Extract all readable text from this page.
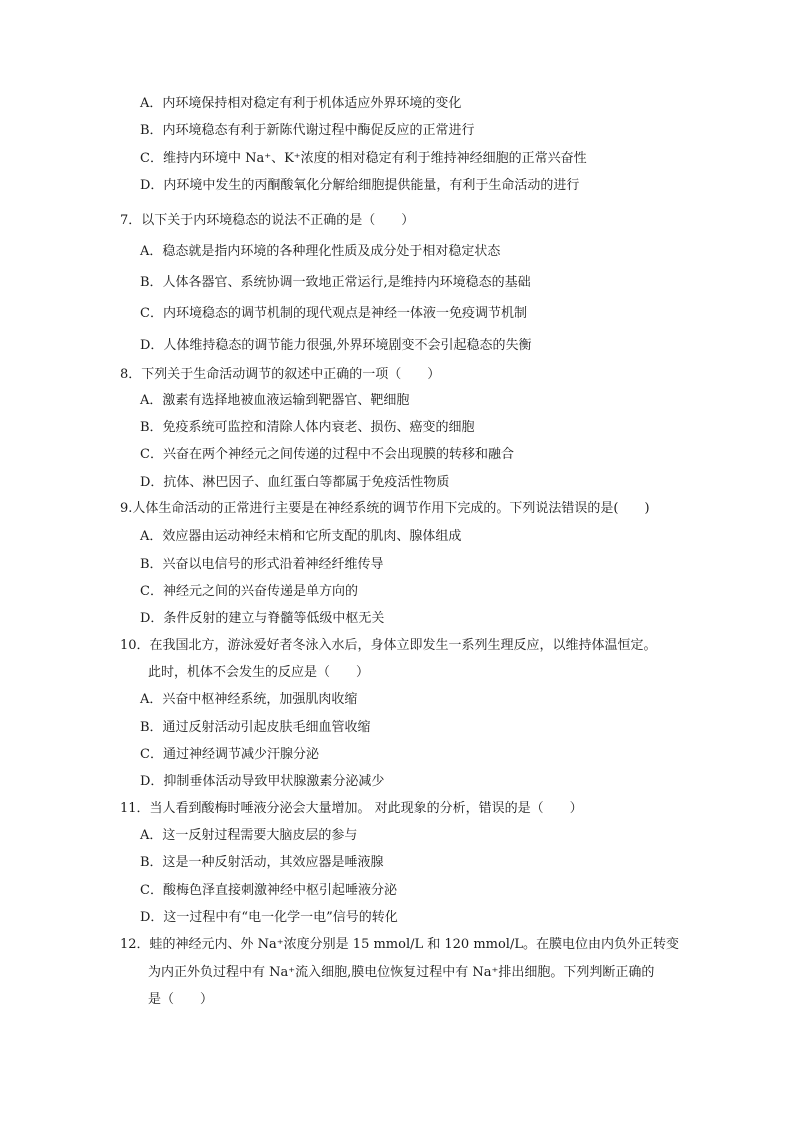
A．内环境保持相对稳定有利于机体适应外界环境的变化
B．内环境稳态有利于新陈代谢过程中酶促反应的正常进行
C．维持内环境中 Na⁺、K⁺浓度的相对稳定有利于维持神经细胞的正常兴奋性
D．内环境中发生的丙酮酸氧化分解给细胞提供能量，有利于生命活动的进行
7．以下关于内环境稳态的说法不正确的是（　　）
A．稳态就是指内环境的各种理化性质及成分处于相对稳定状态
B．人体各器官、系统协调一致地正常运行,是维持内环境稳态的基础
C．内环境稳态的调节机制的现代观点是神经一体液一免疫调节机制
D．人体维持稳态的调节能力很强,外界环境剧变不会引起稳态的失衡
8．下列关于生命活动调节的叙述中正确的一项（　　）
A．激素有选择地被血液运输到靶器官、靶细胞
B．免疫系统可监控和清除人体内衰老、损伤、癌变的细胞
C．兴奋在两个神经元之间传递的过程中不会出现膜的转移和融合
D．抗体、淋巴因子、血红蛋白等都属于免疫活性物质
9.人体生命活动的正常进行主要是在神经系统的调节作用下完成的。下列说法错误的是(　　)
A．效应器由运动神经末梢和它所支配的肌肉、腺体组成
B．兴奋以电信号的形式沿着神经纤维传导
C．神经元之间的兴奋传递是单方向的
D．条件反射的建立与脊髓等低级中枢无关
10．在我国北方，游泳爱好者冬泳入水后，身体立即发生一系列生理反应，以维持体温恒定。
此时，机体不会发生的反应是（　　）
A．兴奋中枢神经系统，加强肌肉收缩
B．通过反射活动引起皮肤毛细血管收缩
C．通过神经调节减少汗腺分泌
D．抑制垂体活动导致甲状腺激素分泌减少
11．当人看到酸梅时唾液分泌会大量增加。 对此现象的分析，错误的是（　　）
A．这一反射过程需要大脑皮层的参与
B．这是一种反射活动，其效应器是唾液腺
C．酸梅色泽直接刺激神经中枢引起唾液分泌
D．这一过程中有“电一化学一电”信号的转化
12．蛙的神经元内、外 Na⁺浓度分别是 15 mmol/L 和 120 mmol/L。在膜电位由内负外正转变
为内正外负过程中有 Na⁺流入细胞,膜电位恢复过程中有 Na⁺排出细胞。下列判断正确的
是（　　）
